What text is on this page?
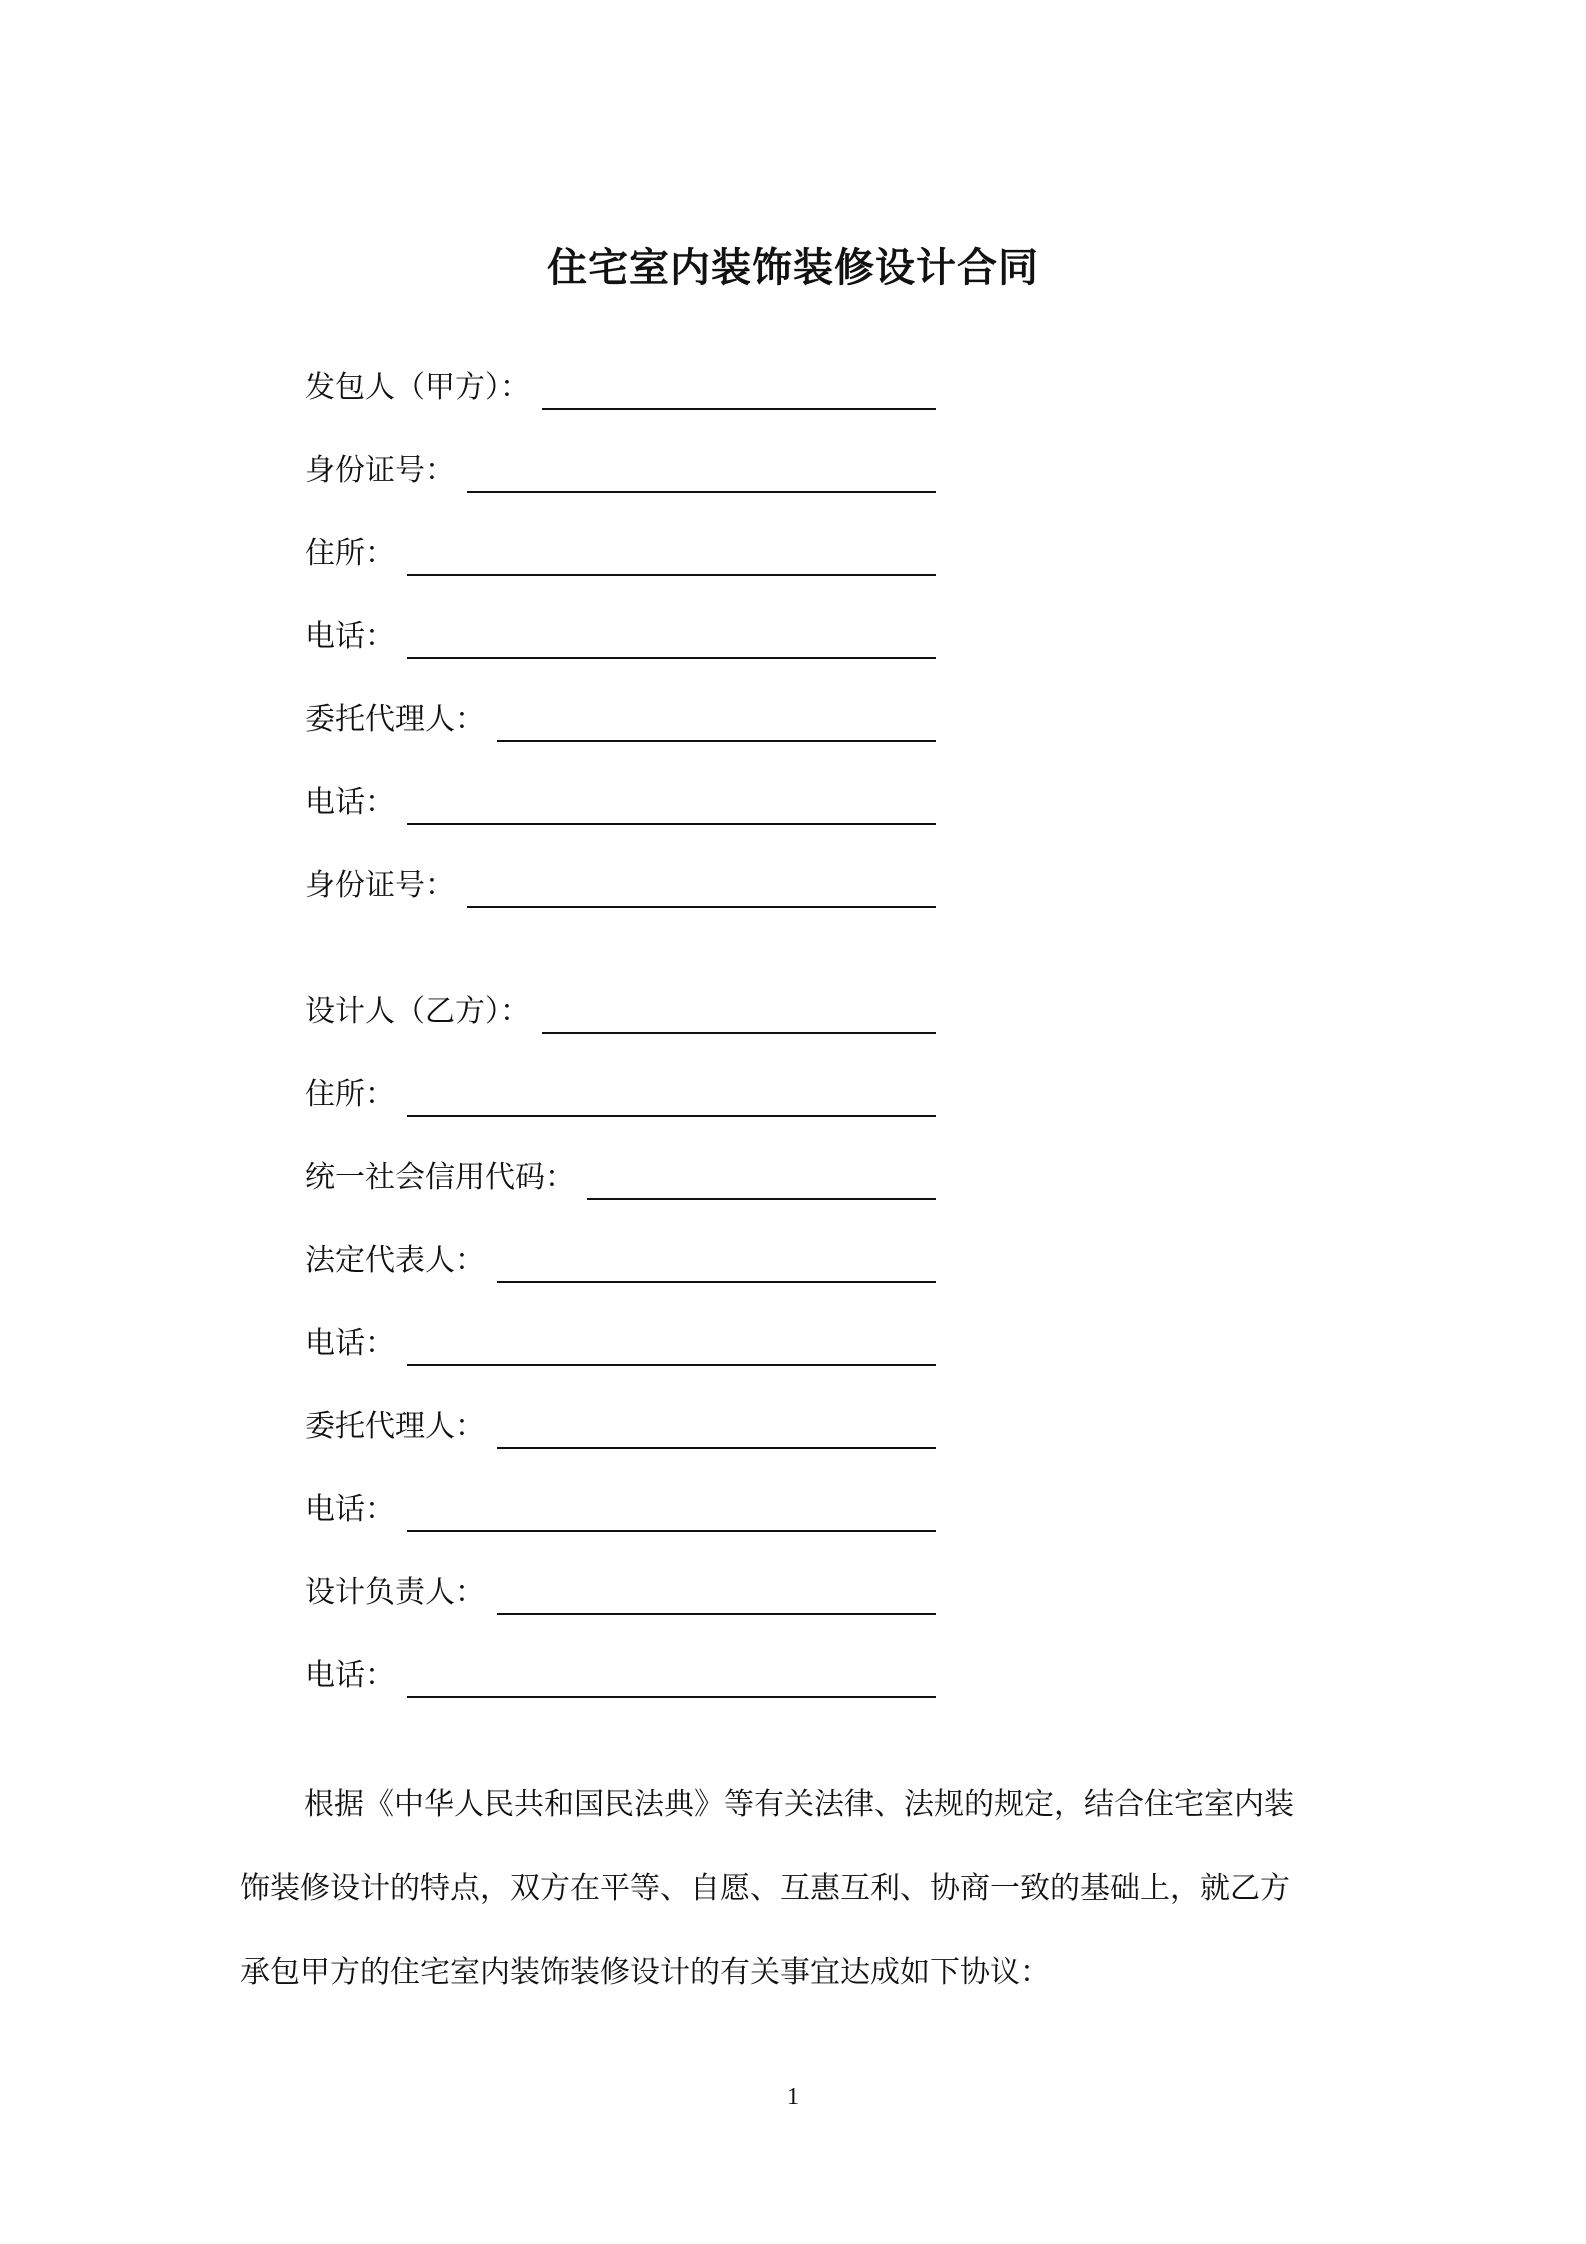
住宅室内装饰装修设计合同
发包人（甲方）：
身份证号：
住所：
电话：
委托代理人：
电话：
身份证号：
设计人（乙方）：
住所：
统一社会信用代码：
法定代表人：
电话：
委托代理人：
电话：
设计负责人：
电话：

根据《中华人民共和国民法典》等有关法律、法规的规定，结合住宅室内装

饰装修设计的特点，双方在平等、自愿、互惠互利、协商一致的基础上，就乙方

承包甲方的住宅室内装饰装修设计的有关事宜达成如下协议：

1
